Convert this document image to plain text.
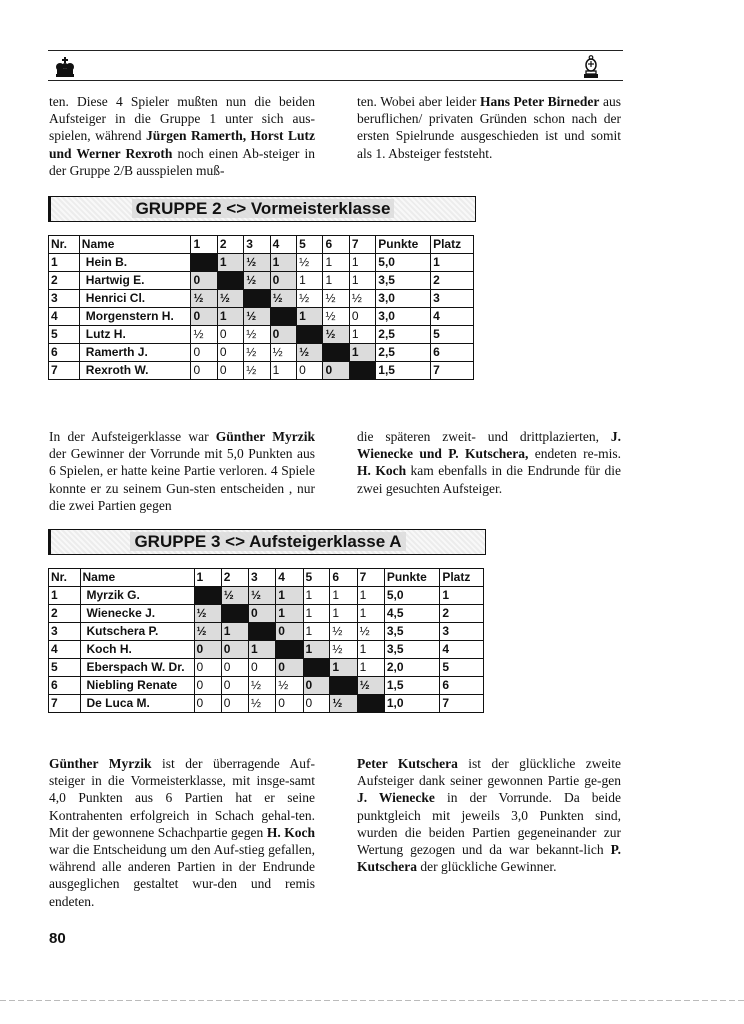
ten. Diese 4 Spieler mußten nun die beiden Aufsteiger in die Gruppe 1 unter sich aus-spielen, während Jürgen Ramerth, Horst Lutz und Werner Rexroth noch einen Ab-steiger in der Gruppe 2/B ausspielen muß-
ten. Wobei aber leider Hans Peter Birneder aus beruflichen/ privaten Gründen schon nach der ersten Spielrunde ausgeschieden ist und somit als 1. Absteiger feststeht.
GRUPPE 2 <> Vormeisterklasse
Nr.	Name	1	2	3	4	5	6	7	Punkte	Platz
1	Hein B.		1	½	1	½	1	1	5,0	1
2	Hartwig E.	0		½	0	1	1	1	3,5	2
3	Henrici Cl.	½	½		½	½	½	½	3,0	3
4	Morgenstern H.	0	1	½		1	½	0	3,0	4
5	Lutz H.	½	0	½	0		½	1	2,5	5
6	Ramerth J.	0	0	½	½	½		1	2,5	6
7	Rexroth W.	0	0	½	1	0	0		1,5	7
In der Aufsteigerklasse war Günther Myrzik der Gewinner der Vorrunde mit 5,0 Punkten aus 6 Spielen, er hatte keine Partie verloren. 4 Spiele konnte er zu seinem Gun-sten entscheiden , nur die zwei Partien gegen
die späteren zweit- und drittplazierten, J. Wienecke und P. Kutschera, endeten re-mis. H. Koch kam ebenfalls in die Endrunde für die zwei gesuchten Aufsteiger.
GRUPPE 3 <> Aufsteigerklasse A
Nr.	Name	1	2	3	4	5	6	7	Punkte	Platz
1	Myrzik G.		½	½	1	1	1	1	5,0	1
2	Wienecke J.	½		0	1	1	1	1	4,5	2
3	Kutschera P.	½	1		0	1	½	½	3,5	3
4	Koch H.	0	0	1		1	½	1	3,5	4
5	Eberspach W. Dr.	0	0	0	0		1	1	2,0	5
6	Niebling Renate	0	0	½	½	0		½	1,5	6
7	De Luca M.	0	0	½	0	0	½		1,0	7
Günther Myrzik ist der überragende Auf-steiger in die Vormeisterklasse, mit insge-samt 4,0 Punkten aus 6 Partien hat er seine Kontrahenten erfolgreich in Schach gehal-ten. Mit der gewonnene Schachpartie gegen H. Koch war die Entscheidung um den Auf-stieg gefallen, während alle anderen Partien in der Endrunde ausgeglichen gestaltet wur-den und remis endeten.
Peter Kutschera ist der glückliche zweite Aufsteiger dank seiner gewonnen Partie ge-gen J. Wienecke in der Vorrunde. Da beide punktgleich mit jeweils 3,0 Punkten sind, wurden die beiden Partien gegeneinander zur Wertung gezogen und da war bekannt-lich P. Kutschera der glückliche Gewinner.
80
